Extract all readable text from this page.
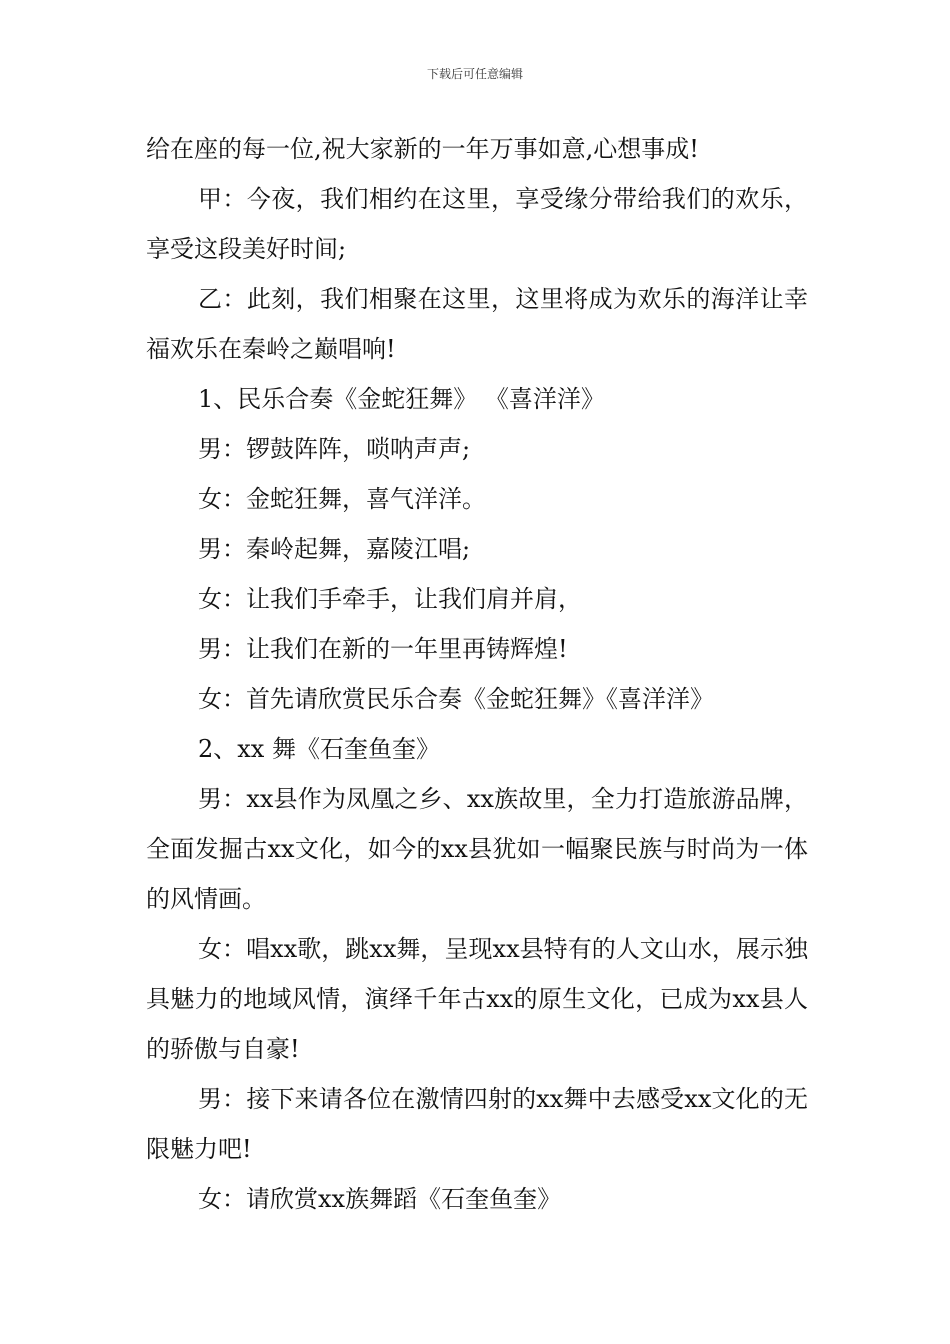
下载后可任意编辑

给在座的每一位,祝大家新的一年万事如意,心想事成!

甲：今夜，我们相约在这里，享受缘分带给我们的欢乐，享受这段美好时间;

乙：此刻，我们相聚在这里，这里将成为欢乐的海洋让幸福欢乐在秦岭之巅唱响!

1、民乐合奏《金蛇狂舞》 《喜洋洋》

男：锣鼓阵阵，唢呐声声;

女：金蛇狂舞，喜气洋洋。

男：秦岭起舞，嘉陵江唱;

女：让我们手牵手，让我们肩并肩，

男：让我们在新的一年里再铸辉煌!

女：首先请欣赏民乐合奏《金蛇狂舞》《喜洋洋》

2、xx 舞《石奎鱼奎》

男：xx县作为凤凰之乡、xx族故里，全力打造旅游品牌，全面发掘古xx文化，如今的xx县犹如一幅聚民族与时尚为一体的风情画。

女：唱xx歌，跳xx舞，呈现xx县特有的人文山水，展示独具魅力的地域风情，演绎千年古xx的原生文化，已成为xx县人的骄傲与自豪!

男：接下来请各位在激情四射的xx舞中去感受xx文化的无限魅力吧!

女：请欣赏xx族舞蹈《石奎鱼奎》
